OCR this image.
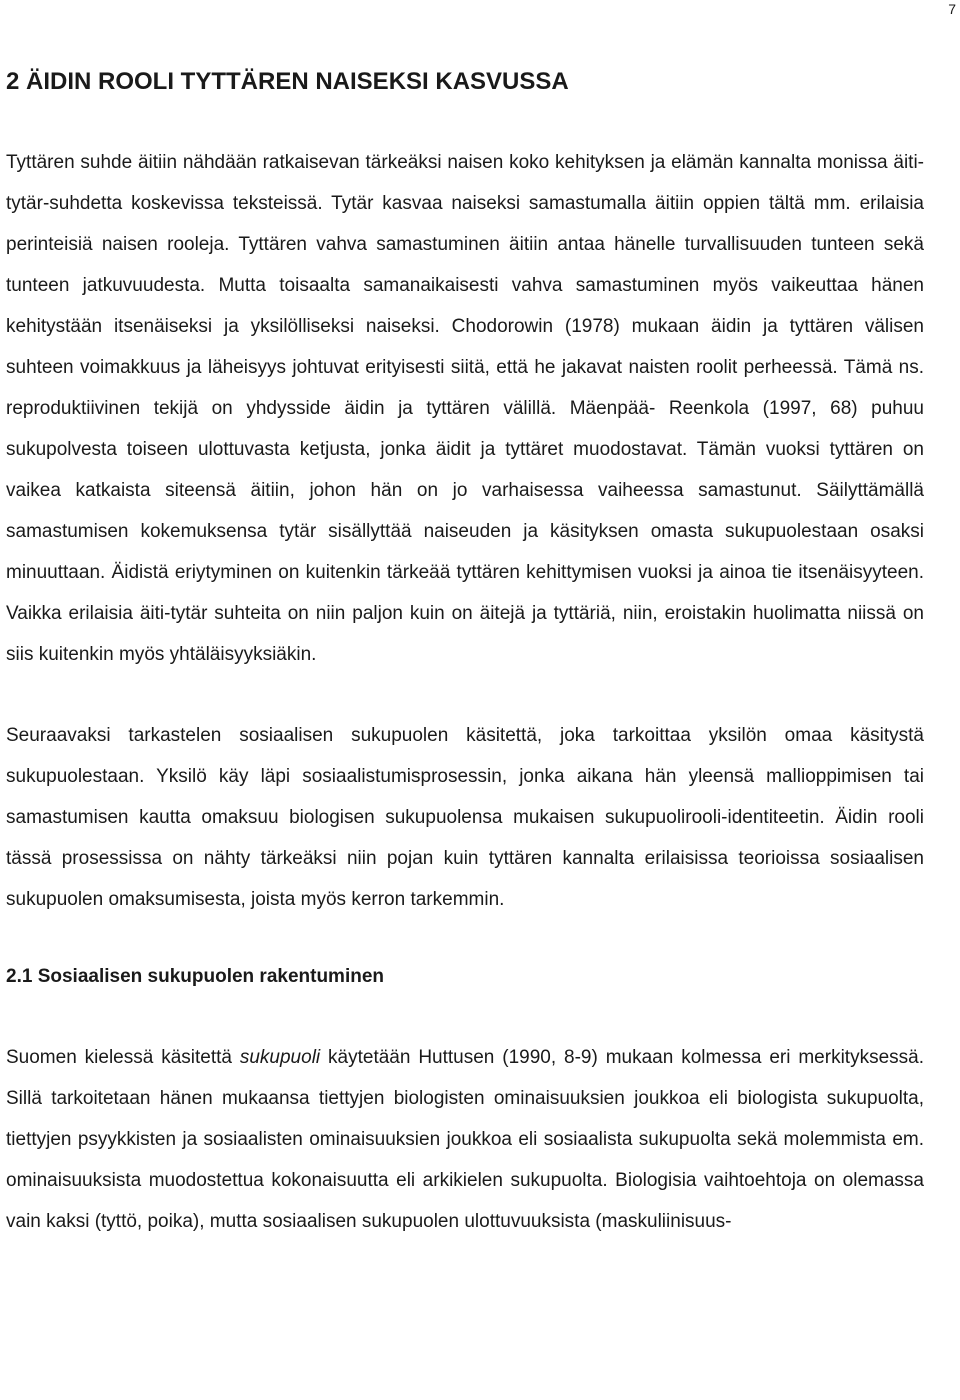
7
2 ÄIDIN ROOLI TYTTÄREN NAISEKSI KASVUSSA

Tyttären suhde äitiin nähdään ratkaisevan tärkeäksi naisen koko kehityksen ja elämän kannalta monissa äiti-tytär-suhdetta koskevissa teksteissä. Tytär kasvaa naiseksi samastumalla äitiin oppien tältä mm. erilaisia perinteisiä naisen rooleja. Tyttären vahva samastuminen äitiin antaa hänelle turvallisuuden tunteen sekä tunteen jatkuvuudesta. Mutta toisaalta samanaikaisesti vahva samastuminen myös vaikeuttaa hänen kehitystään itsenäiseksi ja yksilölliseksi naiseksi. Chodorowin (1978) mukaan äidin ja tyttären välisen suhteen voimakkuus ja läheisyys johtuvat erityisesti siitä, että he jakavat naisten roolit perheessä. Tämä ns. reproduktiivinen tekijä on yhdysside äidin ja tyttären välillä. Mäenpää- Reenkola (1997, 68) puhuu sukupolvesta toiseen ulottuvasta ketjusta, jonka äidit ja tyttäret muodostavat. Tämän vuoksi tyttären on vaikea katkaista siteensä äitiin, johon hän on jo varhaisessa vaiheessa samastunut. Säilyttämällä samastumisen kokemuksensa tytär sisällyttää naiseuden ja käsityksen omasta sukupuolestaan osaksi minuuttaan. Äidistä eriytyminen on kuitenkin tärkeää tyttären kehittymisen vuoksi ja ainoa tie itsenäisyyteen. Vaikka erilaisia äiti-tytär suhteita on niin paljon kuin on äitejä ja tyttäriä, niin, eroistakin huolimatta niissä on siis kuitenkin myös yhtäläisyyksiäkin.

Seuraavaksi tarkastelen sosiaalisen sukupuolen käsitettä, joka tarkoittaa yksilön omaa käsitystä sukupuolestaan. Yksilö käy läpi sosiaalistumisprosessin, jonka aikana hän yleensä mallioppimisen tai samastumisen kautta omaksuu biologisen sukupuolensa mukaisen sukupuolirooli-identiteetin. Äidin rooli tässä prosessissa on nähty tärkeäksi niin pojan kuin tyttären kannalta erilaisissa teorioissa sosiaalisen sukupuolen omaksumisesta, joista myös kerron tarkemmin.

2.1 Sosiaalisen sukupuolen rakentuminen

Suomen kielessä käsitettä sukupuoli käytetään Huttusen (1990, 8-9) mukaan kolmessa eri merkityksessä. Sillä tarkoitetaan hänen mukaansa tiettyjen biologisten ominaisuuksien joukkoa eli biologista sukupuolta, tiettyjen psyykkisten ja sosiaalisten ominaisuuksien joukkoa eli sosiaalista sukupuolta sekä molemmista em. ominaisuuksista muodostettua kokonaisuutta eli arkikielen sukupuolta. Biologisia vaihtoehtoja on olemassa vain kaksi (tyttö, poika), mutta sosiaalisen sukupuolen ulottuvuuksista (maskuliinisuus-
